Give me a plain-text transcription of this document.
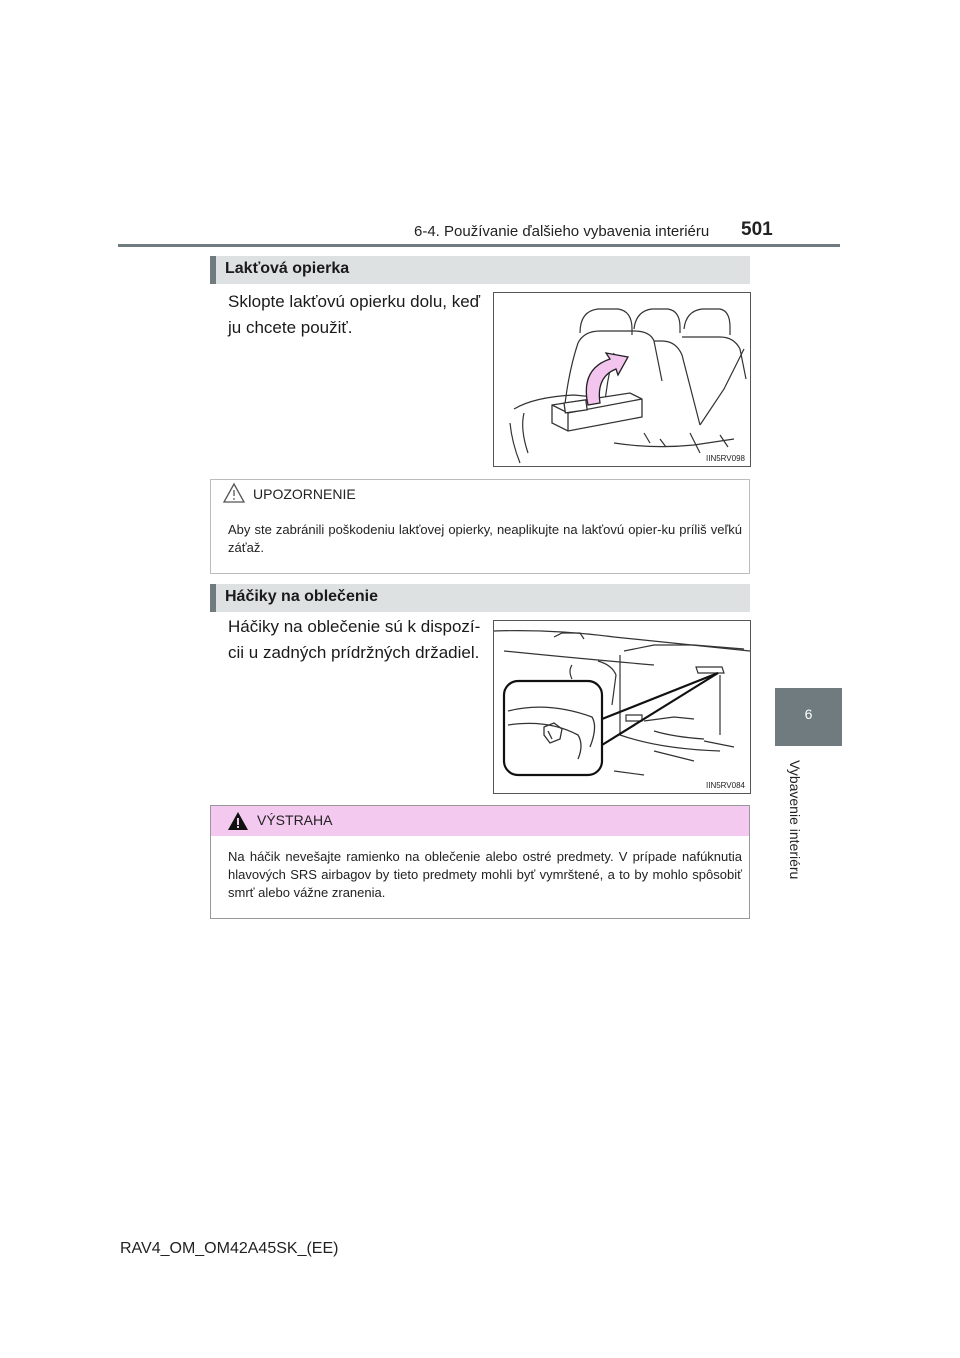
6-4. Používanie ďalšieho vybavenia interiéru 501
6
Vybavenie interiéru
Lakťová opierka
Sklopte lakťovú opierku dolu, keď ju chcete použiť.
IIN5RV098
UPOZORNENIE
Aby ste zabránili poškodeniu lakťovej opierky, neaplikujte na lakťovú opier-ku príliš veľkú záťaž.
Háčiky na oblečenie
Háčiky na oblečenie sú k dispozí-cii u zadných prídržných držadiel.
IIN5RV084
VÝSTRAHA
Na háčik nevešajte ramienko na oblečenie alebo ostré predmety. V prípade nafúknutia hlavových SRS airbagov by tieto predmety mohli byť vymrštené, a to by mohlo spôsobiť smrť alebo vážne zranenia.
RAV4_OM_OM42A45SK_(EE)
